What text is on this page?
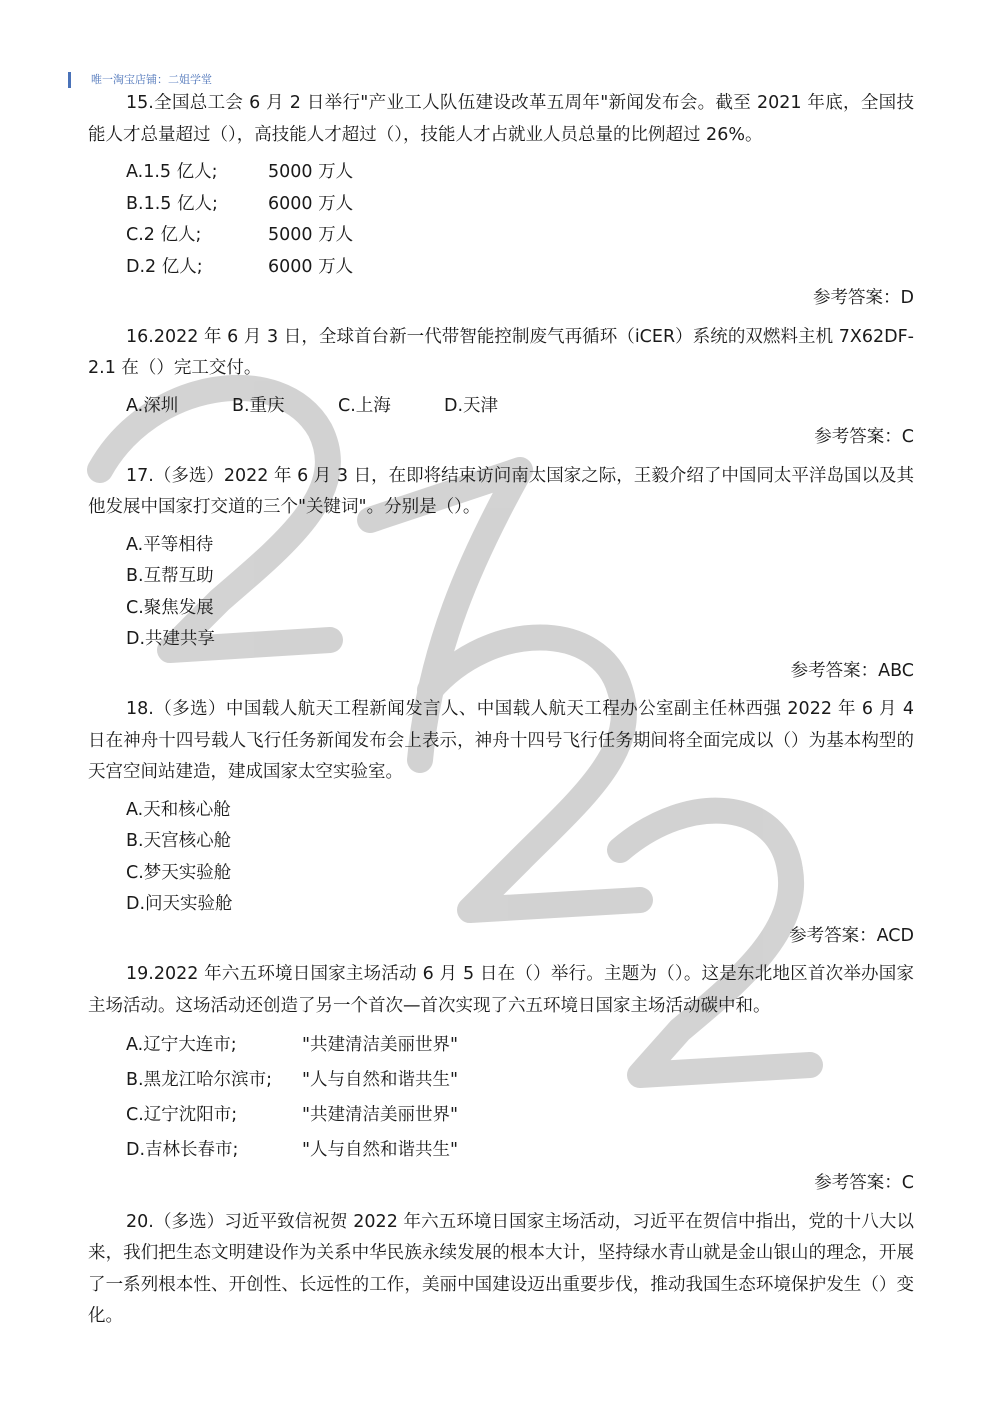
唯一淘宝店铺：二姐学堂

15.全国总工会 6 月 2 日举行"产业工人队伍建设改革五周年"新闻发布会。截至 2021 年底，全国技能人才总量超过（），高技能人才超过（），技能人才占就业人员总量的比例超过 26%。

A.1.5 亿人;	5000 万人
B.1.5 亿人;	6000 万人
C.2 亿人;	5000 万人
D.2 亿人;	6000 万人

参考答案：D

16.2022 年 6 月 3 日，全球首台新一代带智能控制废气再循环（iCER）系统的双燃料主机 7X62DF-2.1 在（）完工交付。

A.深圳	B.重庆	C.上海	D.天津

参考答案：C

17.（多选）2022 年 6 月 3 日，在即将结束访问南太国家之际，王毅介绍了中国同太平洋岛国以及其他发展中国家打交道的三个"关键词"。分别是（）。

A.平等相待
B.互帮互助
C.聚焦发展
D.共建共享

参考答案：ABC

18.（多选）中国载人航天工程新闻发言人、中国载人航天工程办公室副主任林西强 2022 年 6 月 4 日在神舟十四号载人飞行任务新闻发布会上表示，神舟十四号飞行任务期间将全面完成以（）为基本构型的天宫空间站建造，建成国家太空实验室。

A.天和核心舱
B.天宫核心舱
C.梦天实验舱
D.问天实验舱

参考答案：ACD

19.2022 年六五环境日国家主场活动 6 月 5 日在（）举行。主题为（）。这是东北地区首次举办国家主场活动。这场活动还创造了另一个首次—首次实现了六五环境日国家主场活动碳中和。

A.辽宁大连市;	"共建清洁美丽世界"
B.黑龙江哈尔滨市;	"人与自然和谐共生"
C.辽宁沈阳市;	"共建清洁美丽世界"
D.吉林长春市;	"人与自然和谐共生"

参考答案：C

20.（多选）习近平致信祝贺 2022 年六五环境日国家主场活动，习近平在贺信中指出，党的十八大以来，我们把生态文明建设作为关系中华民族永续发展的根本大计，坚持绿水青山就是金山银山的理念，开展了一系列根本性、开创性、长远性的工作，美丽中国建设迈出重要步伐，推动我国生态环境保护发生（）变化。
